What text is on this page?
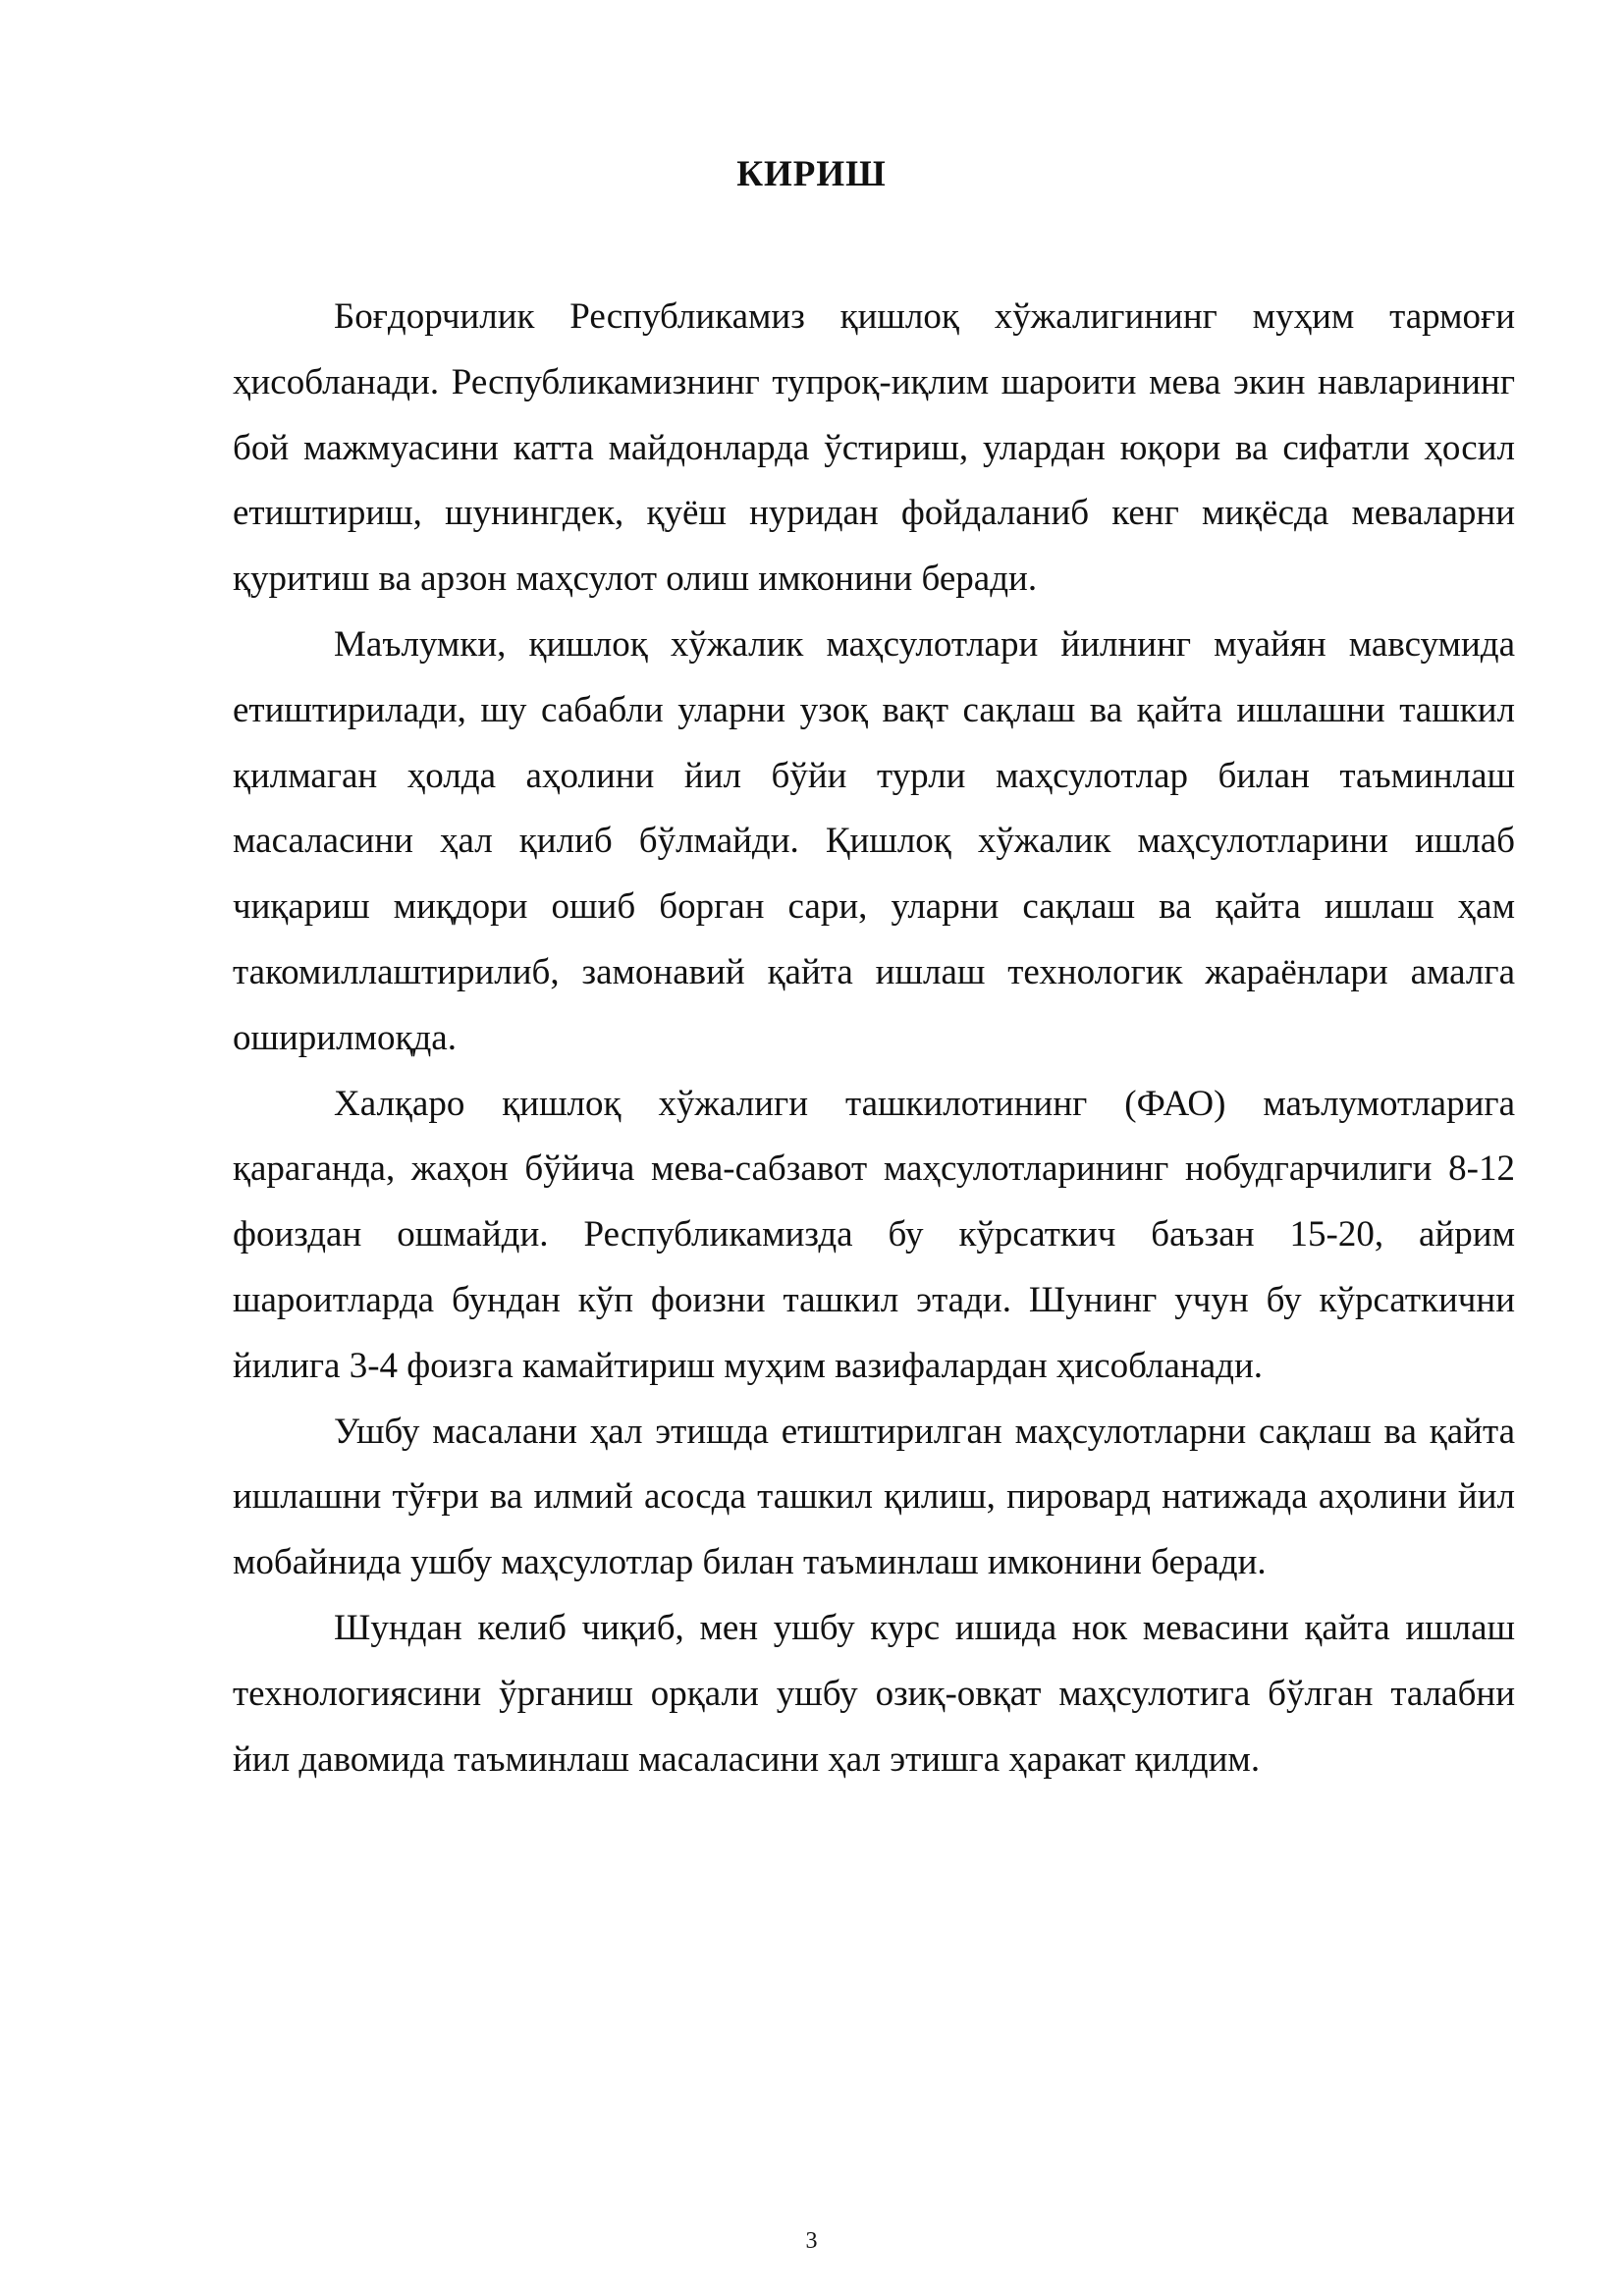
КИРИШ

Боғдорчилик Республикамиз қишлоқ хўжалигининг муҳим тармоғи ҳисобланади. Республикамизнинг тупроқ-иқлим шароити мева экин навларининг бой мажмуасини катта майдонларда ўстириш, улардан юқори ва сифатли ҳосил етиштириш, шунингдек, қуёш нуридан фойдаланиб кенг миқёсда меваларни қуритиш ва арзон маҳсулот олиш имконини беради.

Маълумки, қишлоқ хўжалик маҳсулотлари йилнинг муайян мавсумида етиштирилади, шу сабабли уларни узоқ вақт сақлаш ва қайта ишлашни ташкил қилмаган ҳолда аҳолини йил бўйи турли маҳсулотлар билан таъминлаш масаласини ҳал қилиб бўлмайди. Қишлоқ хўжалик маҳсулотларини ишлаб чиқариш миқдори ошиб борган сари, уларни сақлаш ва қайта ишлаш ҳам такомиллаштирилиб, замонавий қайта ишлаш технологик жараёнлари амалга оширилмоқда.

Халқаро қишлоқ хўжалиги ташкилотининг (ФАО) маълумотларига қараганда, жаҳон бўйича мева-сабзавот маҳсулотларининг нобудгарчилиги 8-12 фоиздан ошмайди. Республикамизда бу кўрсаткич баъзан 15-20, айрим шароитларда бундан кўп фоизни ташкил этади. Шунинг учун бу кўрсаткични йилига 3-4 фоизга камайтириш муҳим вазифалардан ҳисобланади.

Ушбу масалани ҳал этишда етиштирилган маҳсулотларни сақлаш ва қайта ишлашни тўғри ва илмий асосда ташкил қилиш, пировард натижада аҳолини йил мобайнида ушбу маҳсулотлар билан таъминлаш имконини беради.

Шундан келиб чиқиб, мен ушбу курс ишида нок мевасини қайта ишлаш технологиясини ўрганиш орқали ушбу озиқ-овқат маҳсулотига бўлган талабни йил давомида таъминлаш масаласини ҳал этишга ҳаракат қилдим.

3
